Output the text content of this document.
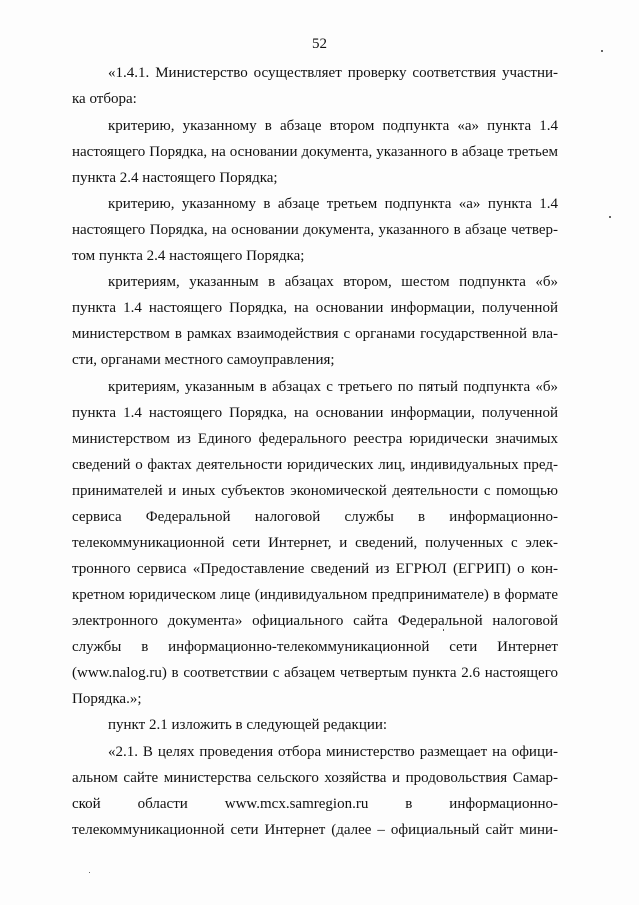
52
«1.4.1. Министерство осуществляет проверку соответствия участни-
ка отбора:
критерию, указанному в абзаце втором подпункта «а» пункта 1.4
настоящего Порядка, на основании документа, указанного в абзаце третьем
пункта 2.4 настоящего Порядка;
критерию, указанному в абзаце третьем подпункта «а» пункта 1.4
настоящего Порядка, на основании документа, указанного в абзаце четвер-
том пункта 2.4 настоящего Порядка;
критериям, указанным в абзацах втором, шестом подпункта «б»
пункта 1.4 настоящего Порядка, на основании информации, полученной
министерством в рамках взаимодействия с органами государственной вла-
сти, органами местного самоуправления;
критериям, указанным в абзацах с третьего по пятый подпункта «б»
пункта 1.4 настоящего Порядка, на основании информации, полученной
министерством из Единого федерального реестра юридически значимых
сведений о фактах деятельности юридических лиц, индивидуальных пред-
принимателей и иных субъектов экономической деятельности с помощью
сервиса Федеральной налоговой службы в информационно-
телекоммуникационной сети Интернет, и сведений, полученных с элек-
тронного сервиса «Предоставление сведений из ЕГРЮЛ (ЕГРИП) о кон-
кретном юридическом лице (индивидуальном предпринимателе) в формате
электронного документа» официального сайта Федеральной налоговой
службы в информационно-телекоммуникационной сети Интернет
(www.nalog.ru) в соответствии с абзацем четвертым пункта 2.6 настоящего
Порядка.»;
пункт 2.1 изложить в следующей редакции:
«2.1. В целях проведения отбора министерство размещает на офици-
альном сайте министерства сельского хозяйства и продовольствия Самар-
ской области www.mcx.samregion.ru в информационно-
телекоммуникационной сети Интернет (далее – официальный сайт мини-
